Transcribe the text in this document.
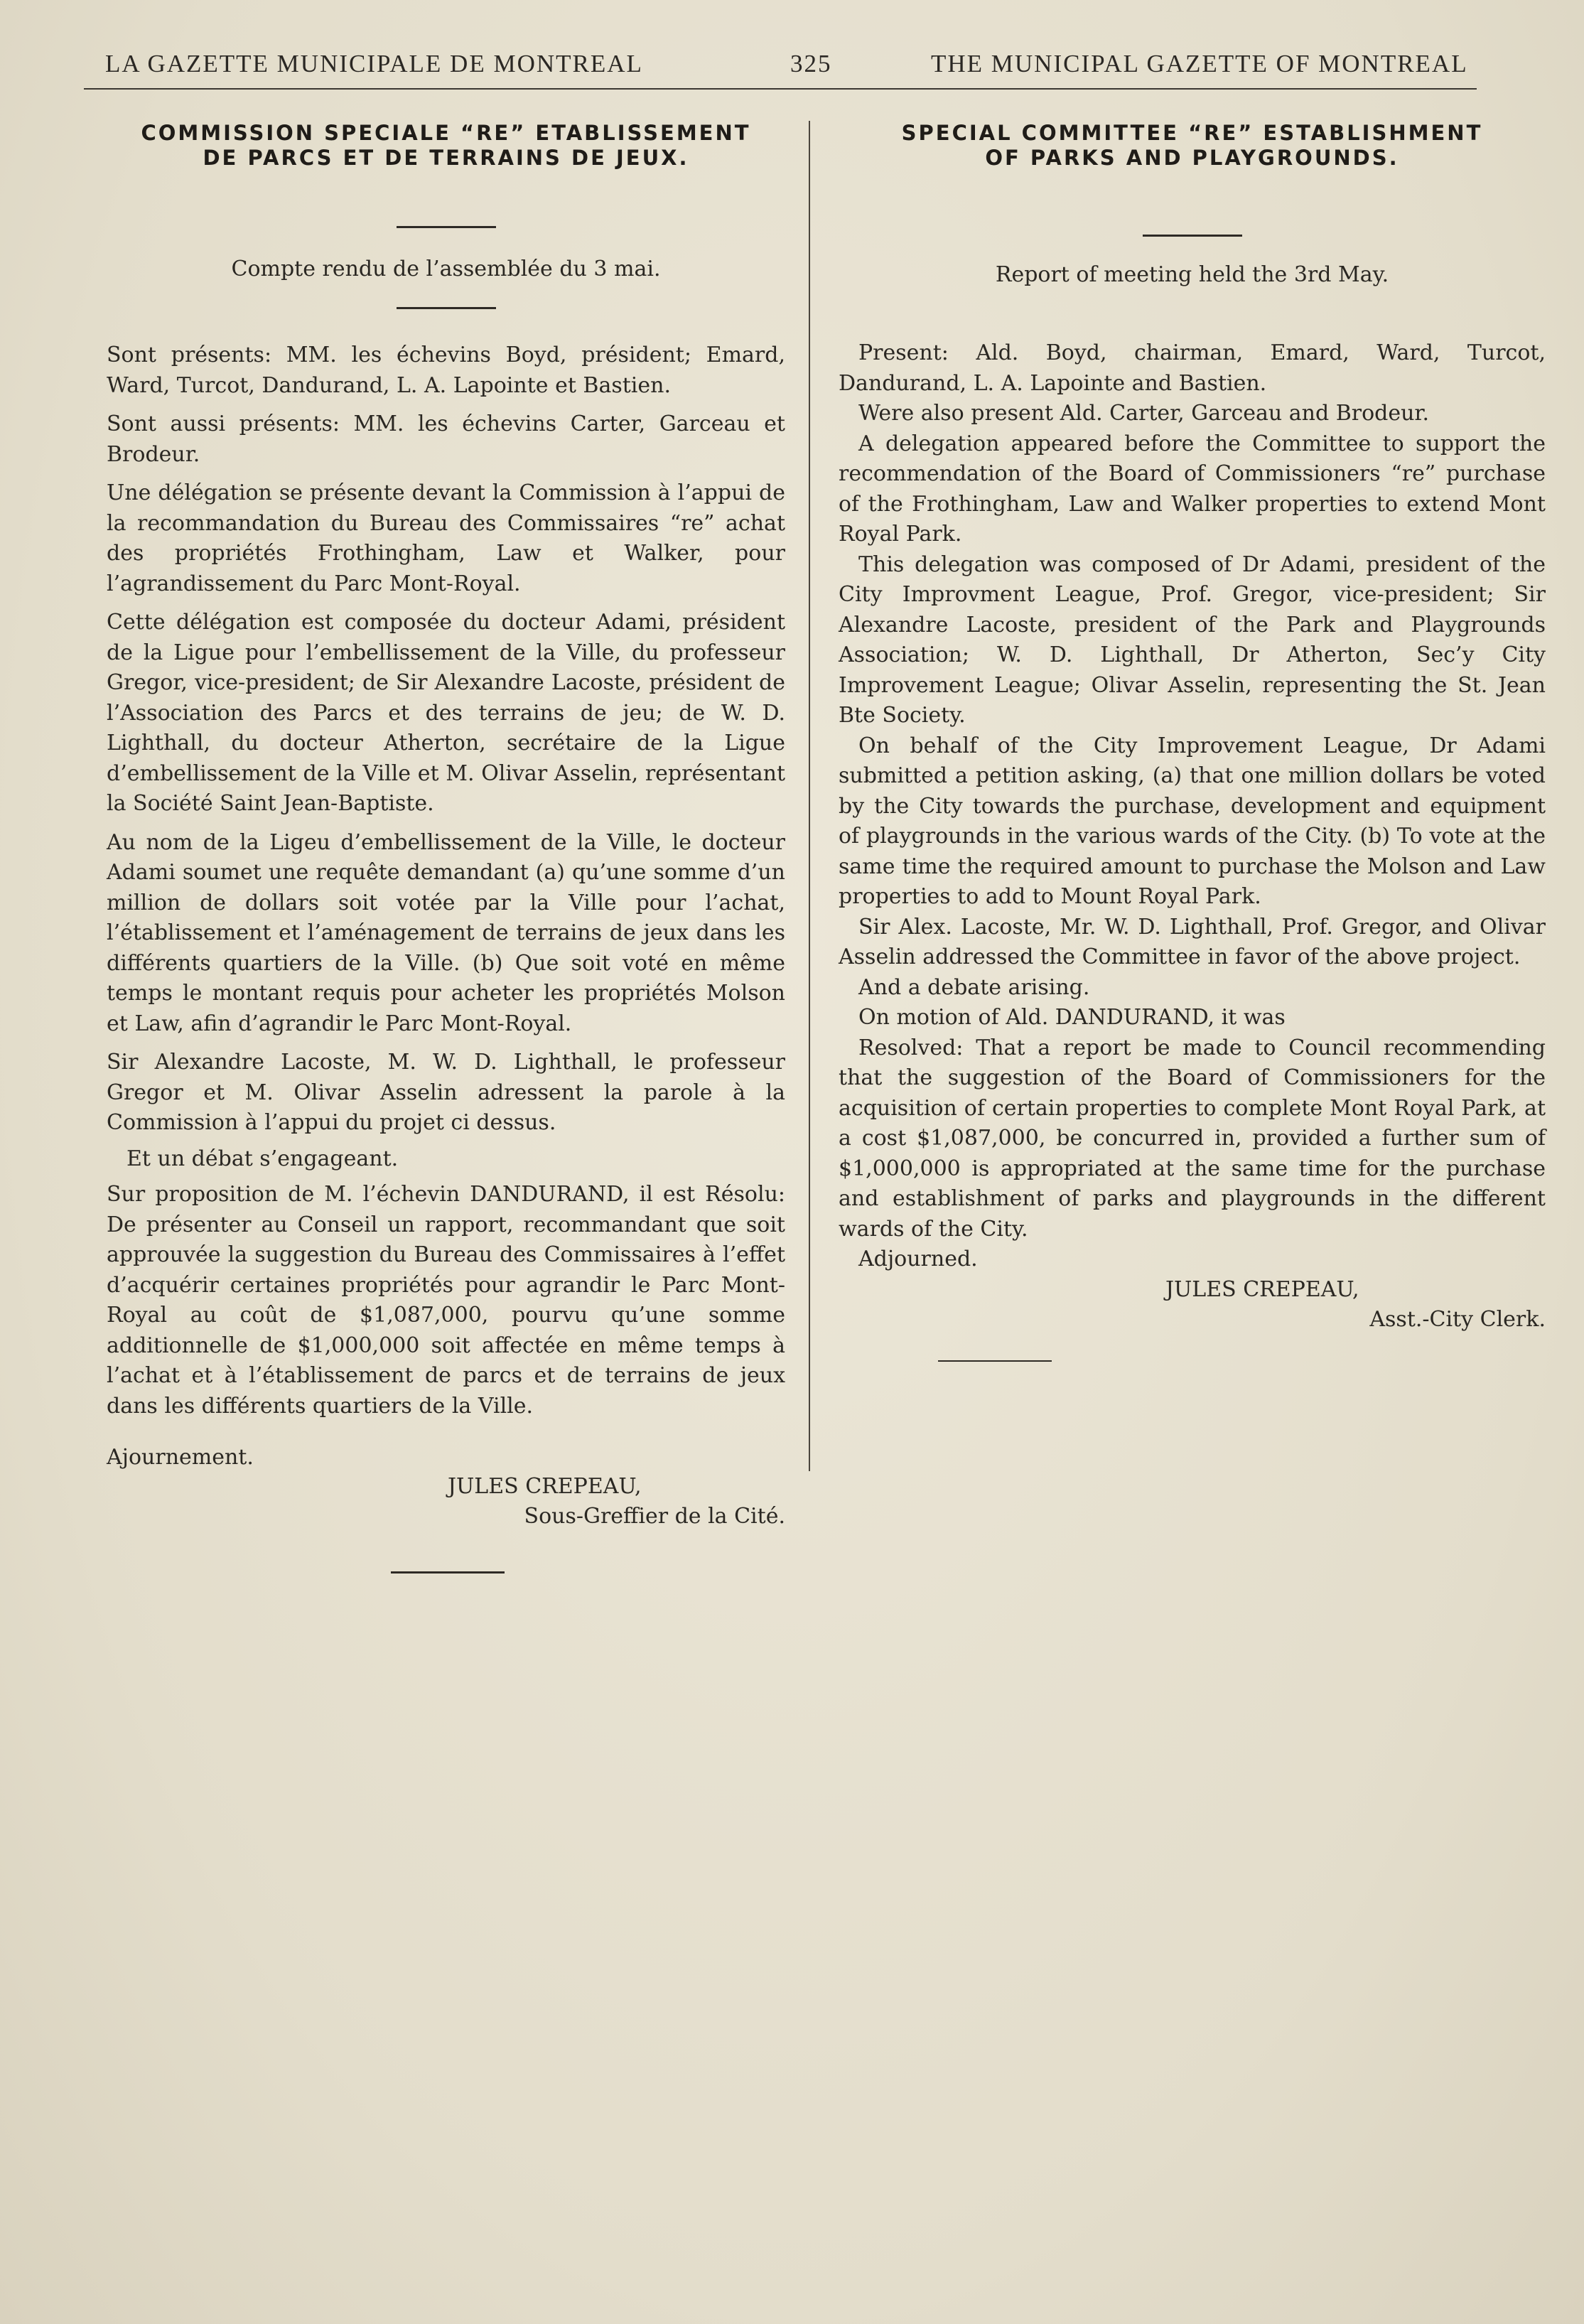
LA GAZETTE MUNICIPALE DE MONTREAL	325	THE MUNICIPAL GAZETTE OF MONTREAL
COMMISSION SPECIALE “RE” ETABLISSEMENT DE PARCS ET DE TERRAINS DE JEUX.

Compte rendu de l’assemblée du 3 mai.

Sont présents: MM. les échevins Boyd, président; Emard, Ward, Turcot, Dandurand, L. A. Lapointe et Bastien.

Sont aussi présents: MM. les échevins Carter, Garceau et Brodeur.

Une délégation se présente devant la Commission à l’appui de la recommandation du Bureau des Commissaires “re” achat des propriétés Frothingham, Law et Walker, pour l’agrandissement du Parc Mont-Royal.

Cette délégation est composée du docteur Adami, président de la Ligue pour l’embellissement de la Ville, du professeur Gregor, vice-president; de Sir Alexandre Lacoste, président de l’Association des Parcs et des terrains de jeu; de W. D. Lighthall, du docteur Atherton, secrétaire de la Ligue d’embellissement de la Ville et M. Olivar Asselin, représentant la Société Saint Jean-Baptiste.

Au nom de la Ligeu d’embellissement de la Ville, le docteur Adami soumet une requête demandant (a) qu’une somme d’un million de dollars soit votée par la Ville pour l’achat, l’établissement et l’aménagement de terrains de jeux dans les différents quartiers de la Ville. (b) Que soit voté en même temps le montant requis pour acheter les propriétés Molson et Law, afin d’agrandir le Parc Mont-Royal.

Sir Alexandre Lacoste, M. W. D. Lighthall, le professeur Gregor et M. Olivar Asselin adressent la parole à la Commission à l’appui du projet ci dessus.

Et un débat s’engageant.

Sur proposition de M. l’échevin DANDURAND, il est Résolu: De présenter au Conseil un rapport, recommandant que soit approuvée la suggestion du Bureau des Commissaires à l’effet d’acquérir certaines propriétés pour agrandir le Parc Mont-Royal au coût de $1,087,000, pourvu qu’une somme additionnelle de $1,000,000 soit affectée en même temps à l’achat et à l’établissement de parcs et de terrains de jeux dans les différents quartiers de la Ville.

Ajournement.

JULES CREPEAU,

Sous-Greffier de la Cité.

SPECIAL COMMITTEE “RE” ESTABLISHMENT OF PARKS AND PLAYGROUNDS.

Report of meeting held the 3rd May.

Present: Ald. Boyd, chairman, Emard, Ward, Turcot, Dandurand, L. A. Lapointe and Bastien.

Were also present Ald. Carter, Garceau and Brodeur.

A delegation appeared before the Committee to support the recommendation of the Board of Commissioners “re” purchase of the Frothingham, Law and Walker properties to extend Mont Royal Park.

This delegation was composed of Dr Adami, president of the City Improvment League, Prof. Gregor, vice-president; Sir Alexandre Lacoste, president of the Park and Playgrounds Association; W. D. Lighthall, Dr Atherton, Sec’y City Improvement League; Olivar Asselin, representing the St. Jean Bte Society.

On behalf of the City Improvement League, Dr Adami submitted a petition asking, (a) that one million dollars be voted by the City towards the purchase, development and equipment of playgrounds in the various wards of the City. (b) To vote at the same time the required amount to purchase the Molson and Law properties to add to Mount Royal Park.

Sir Alex. Lacoste, Mr. W. D. Lighthall, Prof. Gregor, and Olivar Asselin addressed the Committee in favor of the above project.

And a debate arising.

On motion of Ald. DANDURAND, it was

Resolved: That a report be made to Council recommending that the suggestion of the Board of Commissioners for the acquisition of certain properties to complete Mont Royal Park, at a cost $1,087,000, be concurred in, provided a further sum of $1,000,000 is appropriated at the same time for the purchase and establishment of parks and playgrounds in the different wards of the City.

Adjourned.

JULES CREPEAU,

Asst.-City Clerk.
